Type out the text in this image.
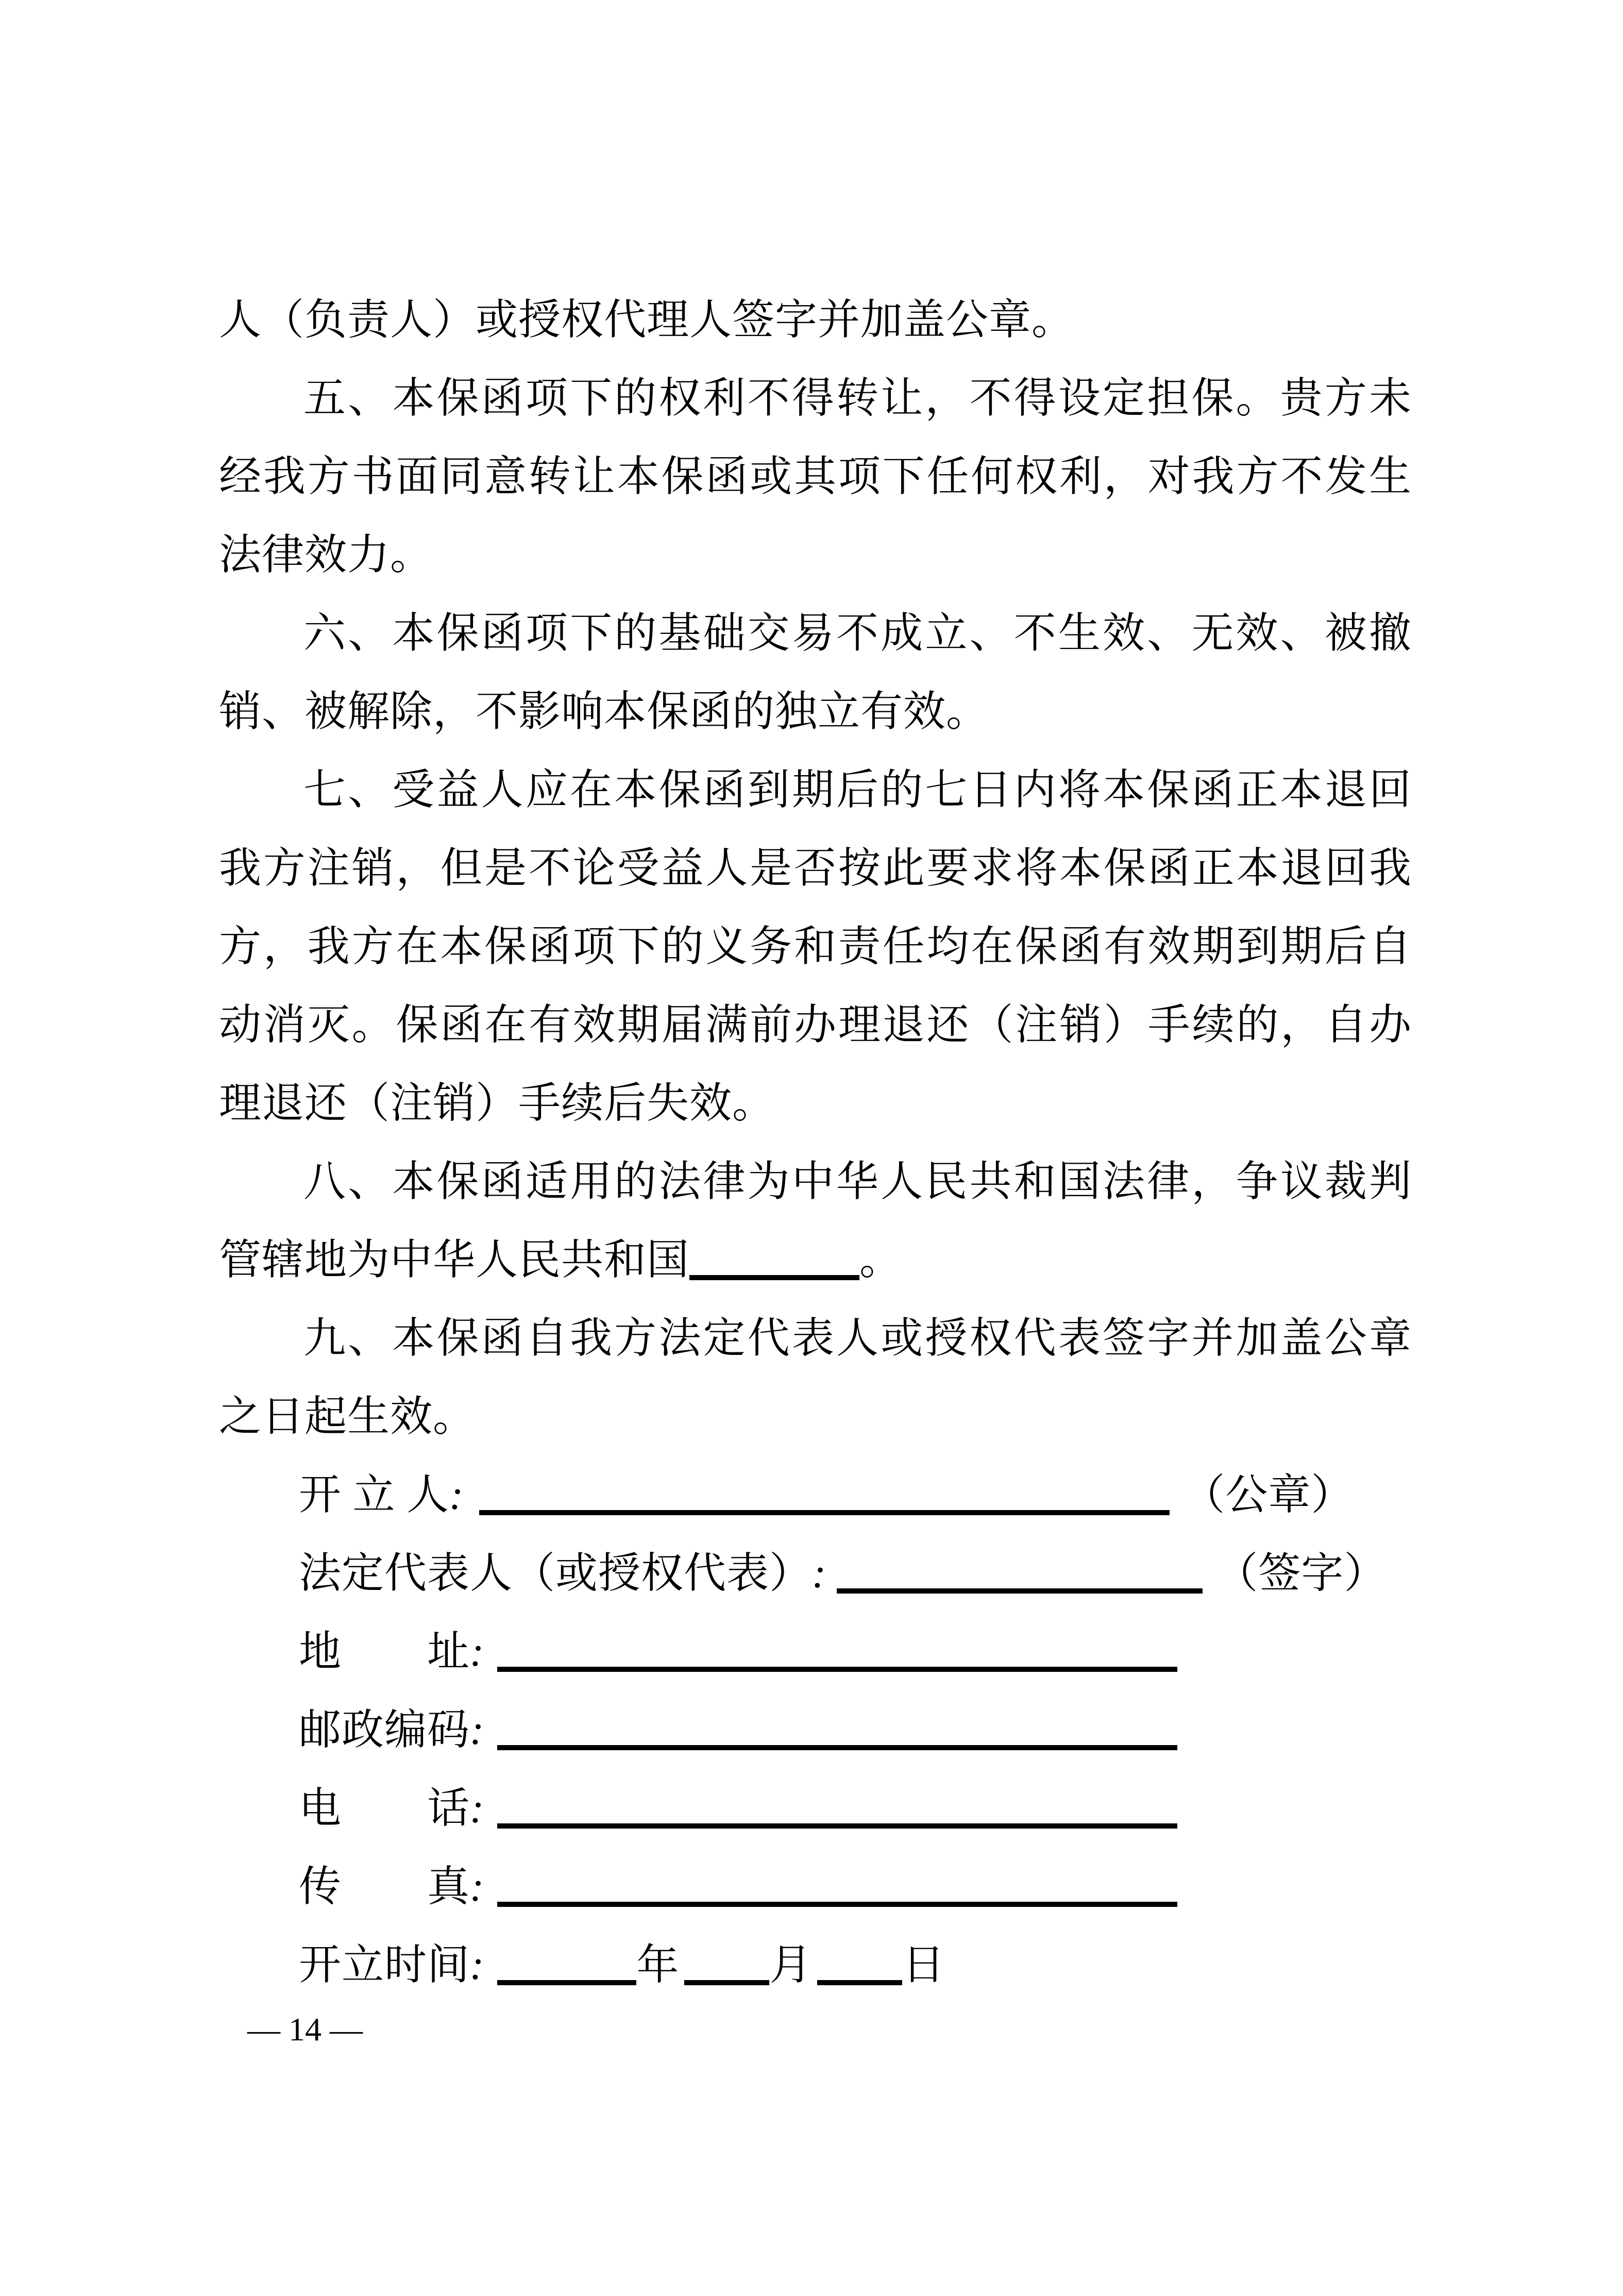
人（负责人）或授权代理人签字并加盖公章。

五、本保函项下的权利不得转让，不得设定担保。贵方未经我方书面同意转让本保函或其项下任何权利，对我方不发生法律效力。

六、本保函项下的基础交易不成立、不生效、无效、被撤销、被解除，不影响本保函的独立有效。

七、受益人应在本保函到期后的七日内将本保函正本退回我方注销，但是不论受益人是否按此要求将本保函正本退回我方，我方在本保函项下的义务和责任均在保函有效期到期后自动消灭。保函在有效期届满前办理退还（注销）手续的，自办理退还（注销）手续后失效。

八、本保函适用的法律为中华人民共和国法律，争议裁判管辖地为中华人民共和国	。

九、本保函自我方法定代表人或授权代表签字并加盖公章之日起生效。

开 立 人:	（公章）

法定代表人（或授权代表）:	（签字）

地　　址:

邮政编码:

电　　话:

传　　真:

开立时间:	年 月 日

— 14 —
